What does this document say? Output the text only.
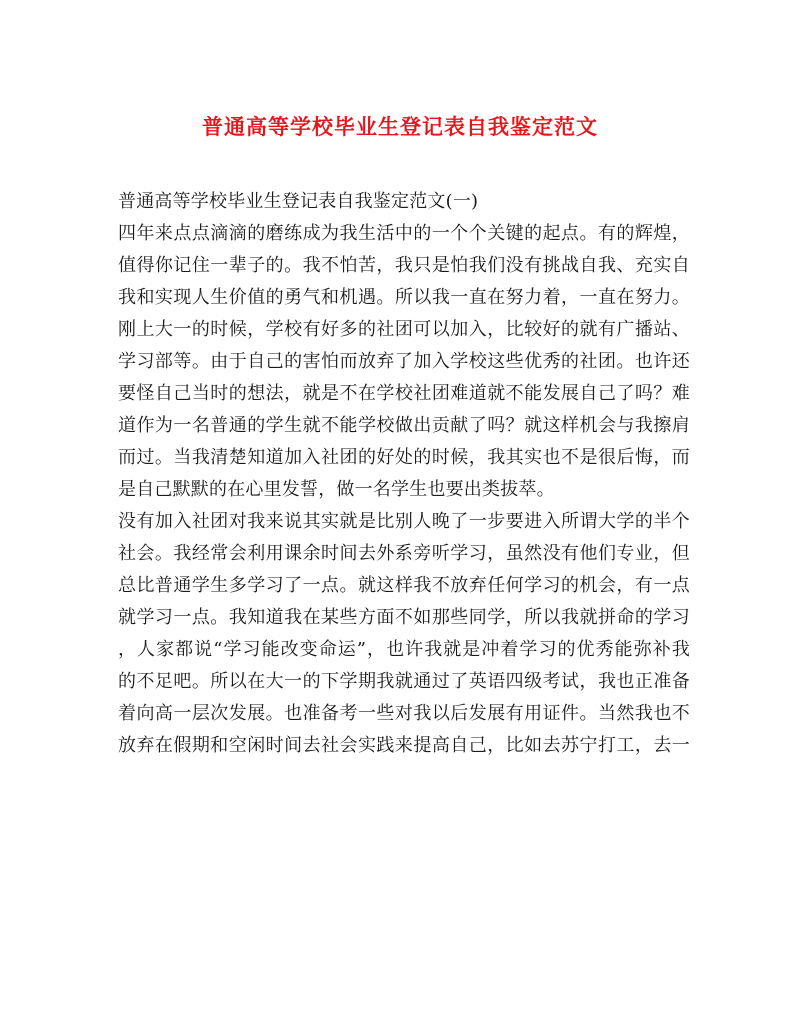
普通高等学校毕业生登记表自我鉴定范文
普通高等学校毕业生登记表自我鉴定范文(一)
四年来点点滴滴的磨练成为我生活中的一个个关键的起点。有的辉煌，
值得你记住一辈子的。我不怕苦，我只是怕我们没有挑战自我、充实自
我和实现人生价值的勇气和机遇。所以我一直在努力着，一直在努力。
刚上大一的时候，学校有好多的社团可以加入，比较好的就有广播站、
学习部等。由于自己的害怕而放弃了加入学校这些优秀的社团。也许还
要怪自己当时的想法，就是不在学校社团难道就不能发展自己了吗？难
道作为一名普通的学生就不能学校做出贡献了吗？就这样机会与我擦肩
而过。当我清楚知道加入社团的好处的时候，我其实也不是很后悔，而
是自己默默的在心里发誓，做一名学生也要出类拔萃。
没有加入社团对我来说其实就是比别人晚了一步要进入所谓大学的半个
社会。我经常会利用课余时间去外系旁听学习，虽然没有他们专业，但
总比普通学生多学习了一点。就这样我不放弃任何学习的机会，有一点
就学习一点。我知道我在某些方面不如那些同学，所以我就拼命的学习
，人家都说“学习能改变命运”，也许我就是冲着学习的优秀能弥补我
的不足吧。所以在大一的下学期我就通过了英语四级考试，我也正准备
着向高一层次发展。也准备考一些对我以后发展有用证件。当然我也不
放弃在假期和空闲时间去社会实践来提高自己，比如去苏宁打工，去一
